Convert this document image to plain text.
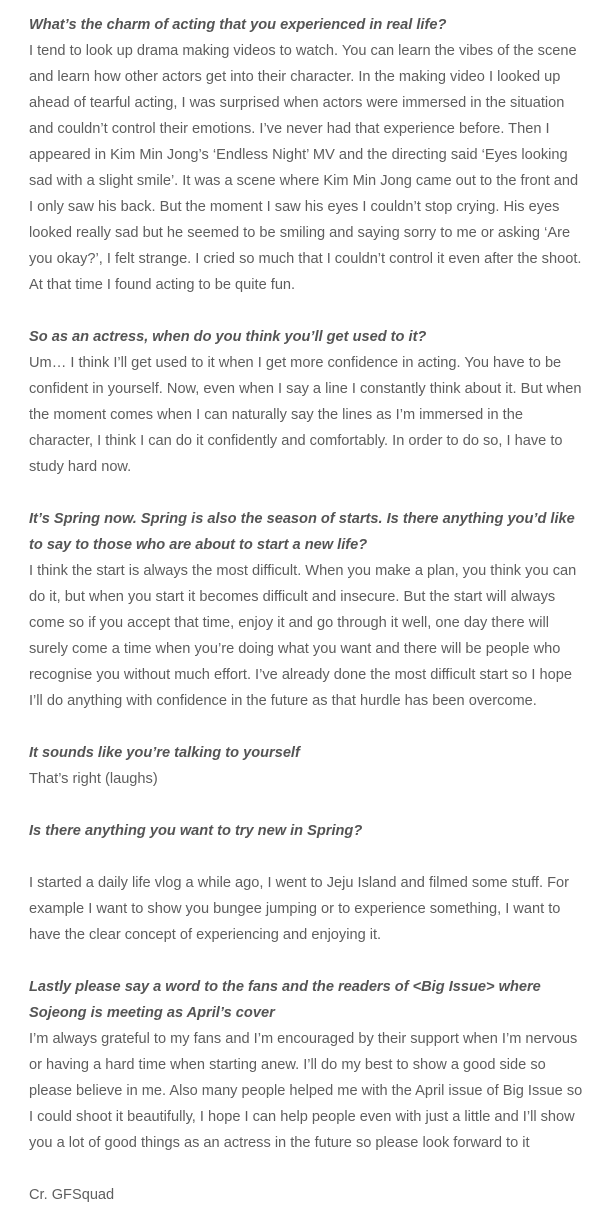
What’s the charm of acting that you experienced in real life?
I tend to look up drama making videos to watch. You can learn the vibes of the scene and learn how other actors get into their character. In the making video I looked up ahead of tearful acting, I was surprised when actors were immersed in the situation and couldn’t control their emotions. I’ve never had that experience before. Then I appeared in Kim Min Jong’s ‘Endless Night’ MV and the directing said ‘Eyes looking sad with a slight smile’. It was a scene where Kim Min Jong came out to the front and I only saw his back. But the moment I saw his eyes I couldn’t stop crying. His eyes looked really sad but he seemed to be smiling and saying sorry to me or asking ‘Are you okay?’, I felt strange. I cried so much that I couldn’t control it even after the shoot. At that time I found acting to be quite fun.
So as an actress, when do you think you’ll get used to it?
Um… I think I’ll get used to it when I get more confidence in acting. You have to be confident in yourself. Now, even when I say a line I constantly think about it. But when the moment comes when I can naturally say the lines as I’m immersed in the character, I think I can do it confidently and comfortably. In order to do so, I have to study hard now.
It’s Spring now. Spring is also the season of starts. Is there anything you’d like to say to those who are about to start a new life?
I think the start is always the most difficult. When you make a plan, you think you can do it, but when you start it becomes difficult and insecure. But the start will always come so if you accept that time, enjoy it and go through it well, one day there will surely come a time when you’re doing what you want and there will be people who recognise you without much effort. I’ve already done the most difficult start so I hope I’ll do anything with confidence in the future as that hurdle has been overcome.
It sounds like you’re talking to yourself
That’s right (laughs)
Is there anything you want to try new in Spring?
I started a daily life vlog a while ago, I went to Jeju Island and filmed some stuff. For example I want to show you bungee jumping or to experience something, I want to have the clear concept of experiencing and enjoying it.
Lastly please say a word to the fans and the readers of <Big Issue> where Sojeong is meeting as April’s cover
I’m always grateful to my fans and I’m encouraged by their support when I’m nervous or having a hard time when starting anew. I’ll do my best to show a good side so please believe in me. Also many people helped me with the April issue of Big Issue so I could shoot it beautifully, I hope I can help people even with just a little and I’ll show you a lot of good things as an actress in the future so please look forward to it
Cr. GFSquad
